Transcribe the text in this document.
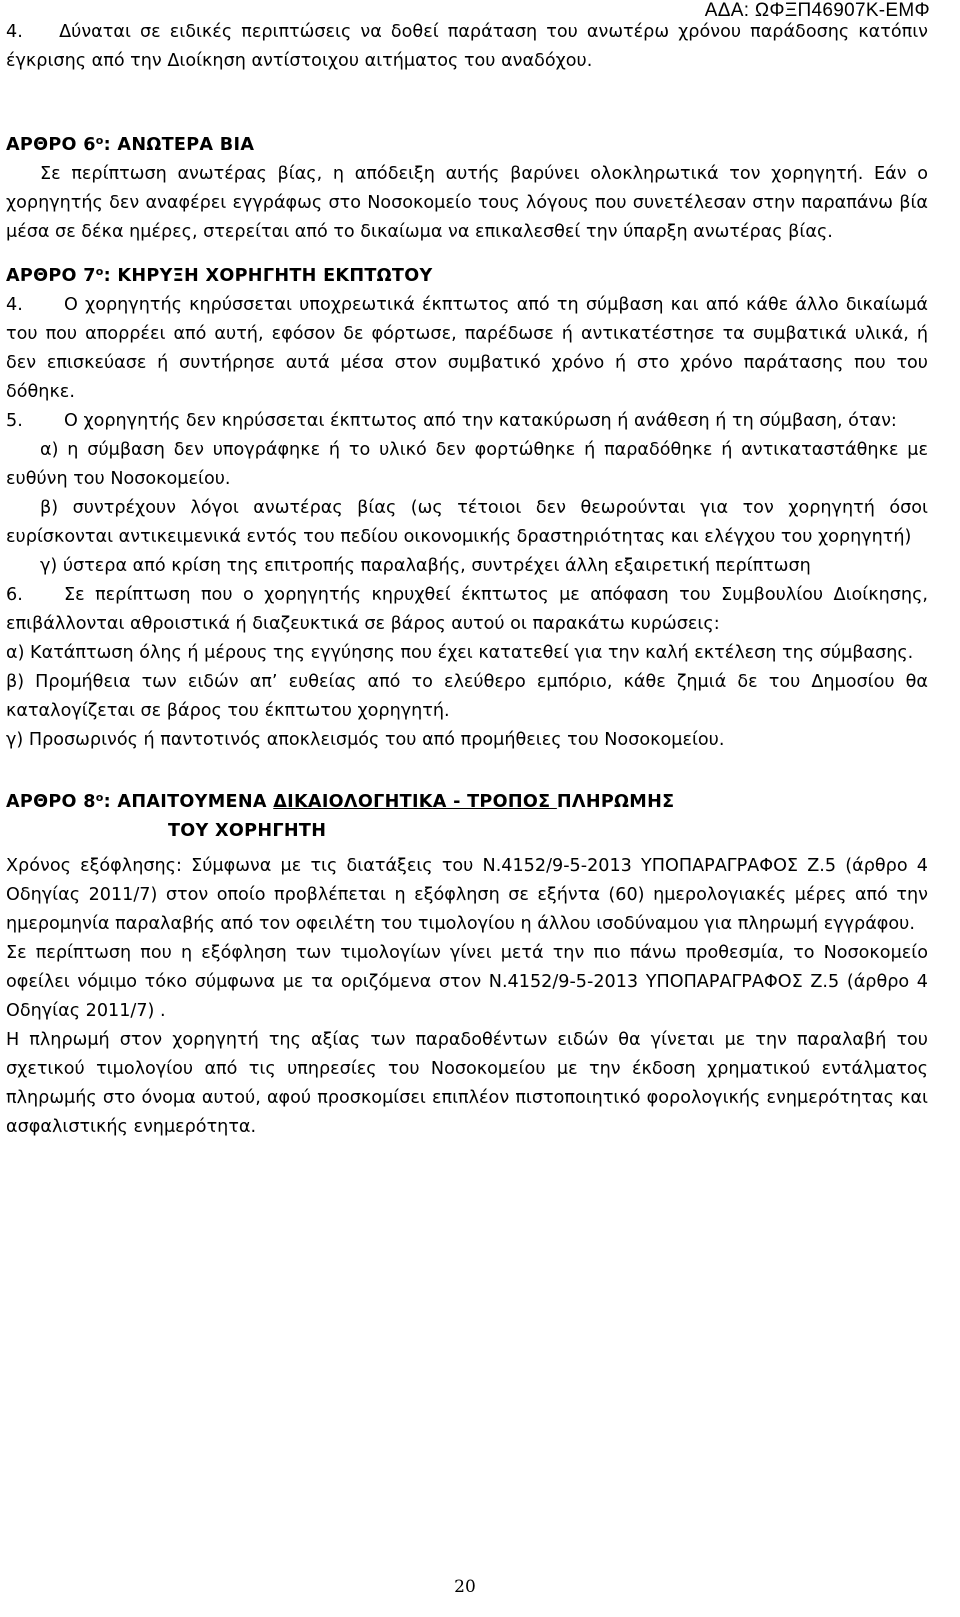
ΑΔΑ: ΩΦΞΠ46907Κ-ΕΜΦ

4. Δύναται σε ειδικές περιπτώσεις να δοθεί παράταση του ανωτέρω χρόνου παράδοσης κατόπιν έγκρισης από την Διοίκηση αντίστοιχου αιτήματος του αναδόχου.

ΑΡΘΡΟ $6^o$: ΑΝΩΤΕΡΑ ΒΙΑ

Σε περίπτωση ανωτέρας βίας, η απόδειξη αυτής βαρύνει ολοκληρωτικά τον χορηγητή. Εάν ο χορηγητής δεν αναφέρει εγγράφως στο Νοσοκομείο τους λόγους που συνετέλεσαν στην παραπάνω βία μέσα σε δέκα ημέρες, στερείται από το δικαίωμα να επικαλεσθεί την ύπαρξη ανωτέρας βίας.

ΑΡΘΡΟ $7^o$: ΚΗΡΥΞΗ ΧΟΡΗΓΗΤΗ ΕΚΠΤΩΤΟΥ

4. Ο χορηγητής κηρύσσεται υποχρεωτικά έκπτωτος από τη σύμβαση και από κάθε άλλο δικαίωμά του που απορρέει από αυτή, εφόσον δε φόρτωσε, παρέδωσε ή αντικατέστησε τα συμβατικά υλικά, ή δεν επισκεύασε ή συντήρησε αυτά μέσα στον συμβατικό χρόνο ή στο χρόνο παράτασης που του δόθηκε.

5. Ο χορηγητής δεν κηρύσσεται έκπτωτος από την κατακύρωση ή ανάθεση ή τη σύμβαση, όταν:

α) η σύμβαση δεν υπογράφηκε ή το υλικό δεν φορτώθηκε ή παραδόθηκε ή αντικαταστάθηκε με ευθύνη του Νοσοκομείου.

β) συντρέχουν λόγοι ανωτέρας βίας (ως τέτοιοι δεν θεωρούνται για τον χορηγητή όσοι ευρίσκονται αντικειμενικά εντός του πεδίου οικονομικής δραστηριότητας και ελέγχου του χορηγητή)

γ) ύστερα από κρίση της επιτροπής παραλαβής, συντρέχει άλλη εξαιρετική περίπτωση

6. Σε περίπτωση που ο χορηγητής κηρυχθεί έκπτωτος με απόφαση του Συμβουλίου Διοίκησης, επιβάλλονται αθροιστικά ή διαζευκτικά σε βάρος αυτού οι παρακάτω κυρώσεις:

α) Κατάπτωση όλης ή μέρους της εγγύησης που έχει κατατεθεί για την καλή εκτέλεση της σύμβασης.

β) Προμήθεια των ειδών απ’ ευθείας από το ελεύθερο εμπόριο, κάθε ζημιά δε του Δημοσίου θα καταλογίζεται σε βάρος του έκπτωτου χορηγητή.

γ) Προσωρινός ή παντοτινός αποκλεισμός του από προμήθειες του Νοσοκομείου.

ΑΡΘΡΟ $8^o$: ΑΠΑΙΤΟΥΜΕΝΑ ΔΙΚΑΙΟΛΟΓΗΤΙΚΑ - ΤΡΟΠΟΣ ΠΛΗΡΩΜΗΣ

ΤΟΥ ΧΟΡΗΓΗΤΗ

Χρόνος εξόφλησης: Σύμφωνα με τις διατάξεις του Ν.4152/9-5-2013 ΥΠΟΠΑΡΑΓΡΑΦΟΣ Ζ.5 (άρθρο 4 Οδηγίας 2011/7) στον οποίο προβλέπεται η εξόφληση σε εξήντα (60) ημερολογιακές μέρες από την ημερομηνία παραλαβής από τον οφειλέτη του τιμολογίου η άλλου ισοδύναμου για πληρωμή εγγράφου.

Σε περίπτωση που η εξόφληση των τιμολογίων γίνει μετά την πιο πάνω προθεσμία, το Νοσοκομείο οφείλει νόμιμο τόκο σύμφωνα με τα οριζόμενα στον Ν.4152/9-5-2013 ΥΠΟΠΑΡΑΓΡΑΦΟΣ Ζ.5 (άρθρο 4 Οδηγίας 2011/7) .

Η πληρωμή στον χορηγητή της αξίας των παραδοθέντων ειδών θα γίνεται με την παραλαβή του σχετικού τιμολογίου από τις υπηρεσίες του Νοσοκομείου με την έκδοση χρηματικού εντάλματος πληρωμής στο όνομα αυτού, αφού προσκομίσει επιπλέον πιστοποιητικό φορολογικής ενημερότητας και ασφαλιστικής ενημερότητα.

20
